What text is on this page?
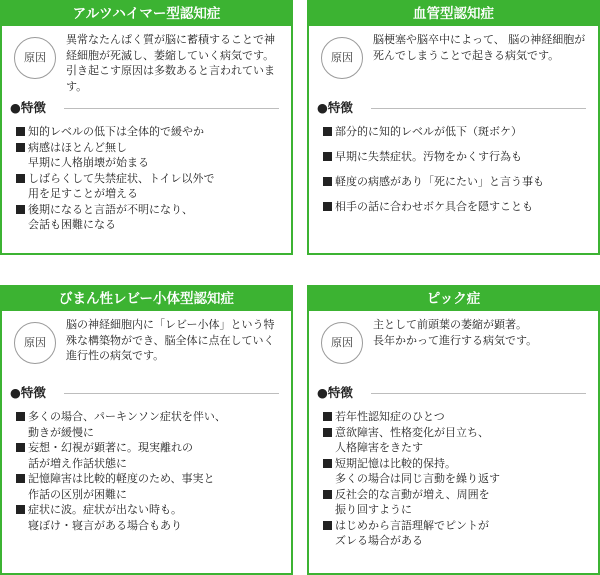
アルツハイマー型認知症
原因
異常なたんぱく質が脳に蓄積することで神経細胞が死滅し、萎縮していく病気です。引き起こす原因は多数あると言われています。
●特徴
知的レベルの低下は全体的で緩やか
病感はほとんど無し
早期に人格崩壊が始まる
しばらくして失禁症状、トイレ以外で
用を足すことが増える
後期になると言語が不明になり、
会話も困難になる
血管型認知症
原因
脳梗塞や脳卒中によって、 脳の神経細胞が死んでしまうことで起きる病気です。
●特徴
部分的に知的レベルが低下（斑ボケ）
早期に失禁症状。汚物をかくす行為も
軽度の病感があり「死にたい」と言う事も
相手の話に合わせボケ具合を隠すことも
びまん性レビー小体型認知症
原因
脳の神経細胞内に「レビー小体」という特殊な構築物ができ、脳全体に点在していく進行性の病気です。
●特徴
多くの場合、パーキンソン症状を伴い、
動きが緩慢に
妄想・幻視が顕著に。現実離れの
話が増え作話状態に
記憶障害は比較的軽度のため、事実と
作話の区別が困難に
症状に波。症状が出ない時も。
寝ぼけ・寝言がある場合もあり
ピック症
原因
主として前頭葉の萎縮が顕著。
長年かかって進行する病気です。
●特徴
若年性認知症のひとつ
意欲障害、性格変化が目立ち、
人格障害をきたす
短期記憶は比較的保持。
多くの場合は同じ言動を繰り返す
反社会的な言動が増え、周囲を
振り回すように
はじめから言語理解でピントが
ズレる場合がある
